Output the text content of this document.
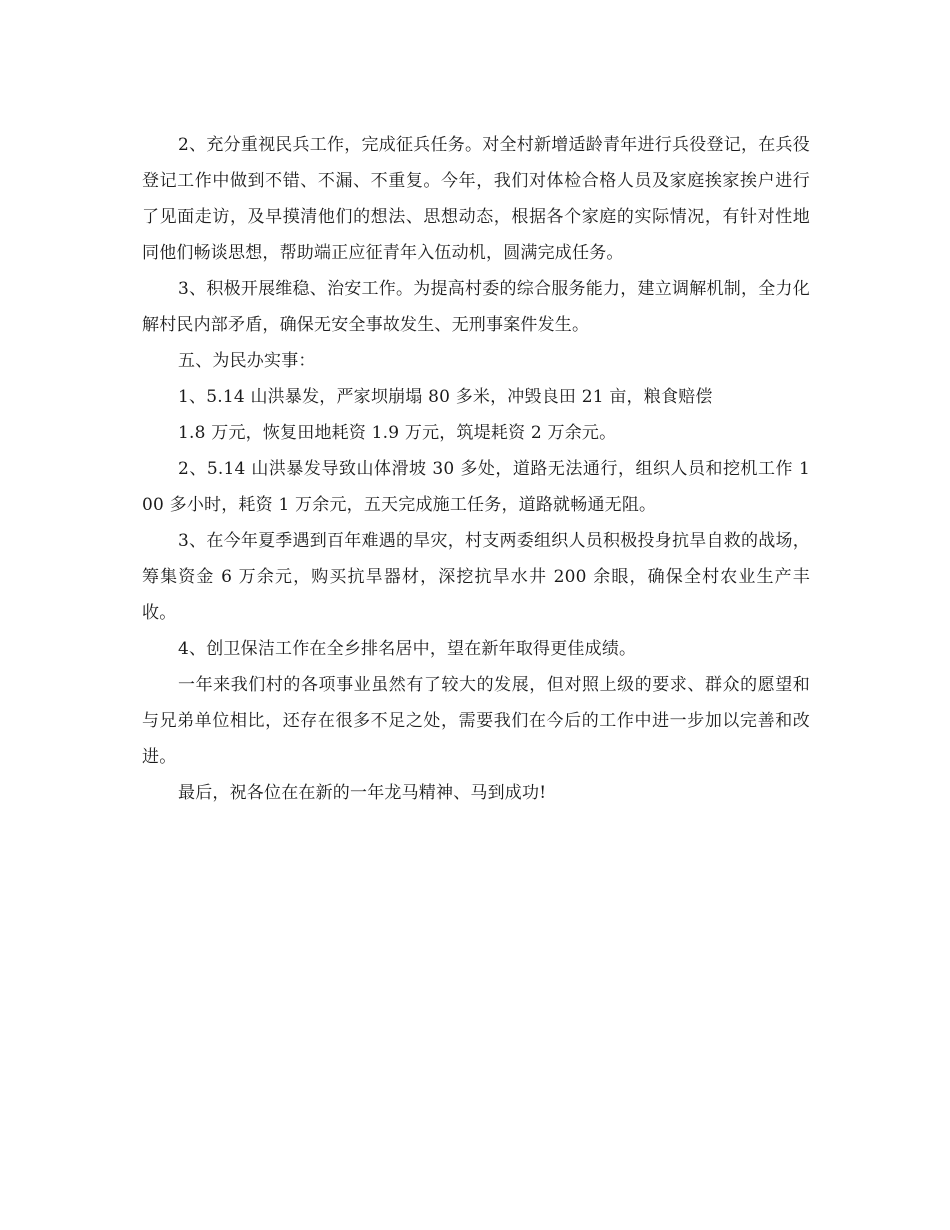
2、充分重视民兵工作，完成征兵任务。对全村新增适龄青年进行兵役登记，在兵役登记工作中做到不错、不漏、不重复。今年，我们对体检合格人员及家庭挨家挨户进行了见面走访，及早摸清他们的想法、思想动态，根据各个家庭的实际情况，有针对性地同他们畅谈思想，帮助端正应征青年入伍动机，圆满完成任务。

3、积极开展维稳、治安工作。为提高村委的综合服务能力，建立调解机制，全力化解村民内部矛盾，确保无安全事故发生、无刑事案件发生。

五、为民办实事：

1、5.14 山洪暴发，严家坝崩塌 80 多米，冲毁良田 21 亩，粮食赔偿

1.8 万元，恢复田地耗资 1.9 万元，筑堤耗资 2 万余元。

2、5.14 山洪暴发导致山体滑坡 30 多处，道路无法通行，组织人员和挖机工作 100 多小时，耗资 1 万余元，五天完成施工任务，道路就畅通无阻。

3、在今年夏季遇到百年难遇的旱灾，村支两委组织人员积极投身抗旱自救的战场，筹集资金 6 万余元，购买抗旱器材，深挖抗旱水井 200 余眼，确保全村农业生产丰收。

4、创卫保洁工作在全乡排名居中，望在新年取得更佳成绩。

一年来我们村的各项事业虽然有了较大的发展，但对照上级的要求、群众的愿望和与兄弟单位相比，还存在很多不足之处，需要我们在今后的工作中进一步加以完善和改进。

最后，祝各位在在新的一年龙马精神、马到成功!
